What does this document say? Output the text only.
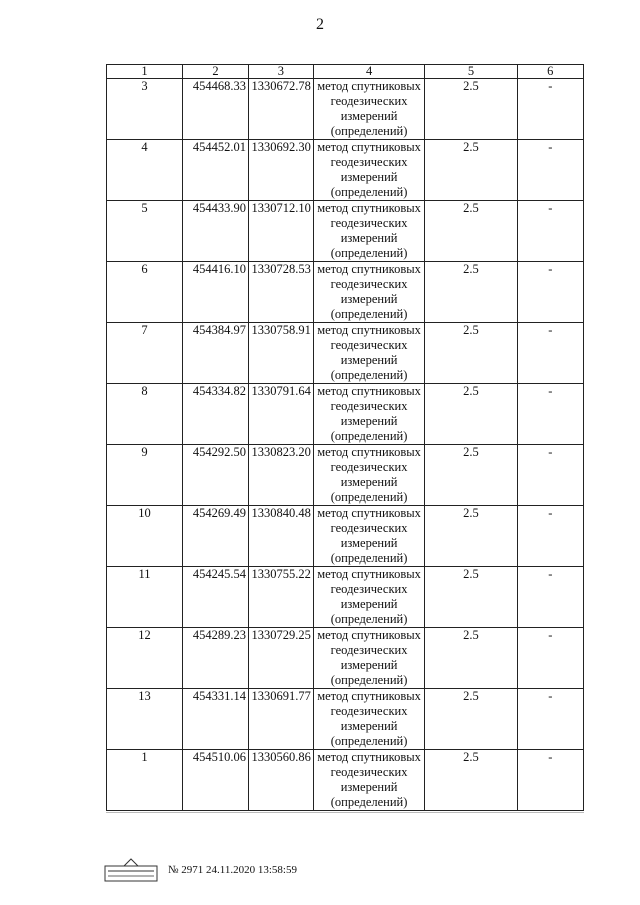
2
1	2	3	4	5	6
3	454468.33	1330672.78	метод спутниковых геодезических измерений (определений)	2.5	-
4	454452.01	1330692.30	метод спутниковых геодезических измерений (определений)	2.5	-
5	454433.90	1330712.10	метод спутниковых геодезических измерений (определений)	2.5	-
6	454416.10	1330728.53	метод спутниковых геодезических измерений (определений)	2.5	-
7	454384.97	1330758.91	метод спутниковых геодезических измерений (определений)	2.5	-
8	454334.82	1330791.64	метод спутниковых геодезических измерений (определений)	2.5	-
9	454292.50	1330823.20	метод спутниковых геодезических измерений (определений)	2.5	-
10	454269.49	1330840.48	метод спутниковых геодезических измерений (определений)	2.5	-
11	454245.54	1330755.22	метод спутниковых геодезических измерений (определений)	2.5	-
12	454289.23	1330729.25	метод спутниковых геодезических измерений (определений)	2.5	-
13	454331.14	1330691.77	метод спутниковых геодезических измерений (определений)	2.5	-
1	454510.06	1330560.86	метод спутниковых геодезических измерений (определений)	2.5	-
№ 2971 24.11.2020 13:58:59
